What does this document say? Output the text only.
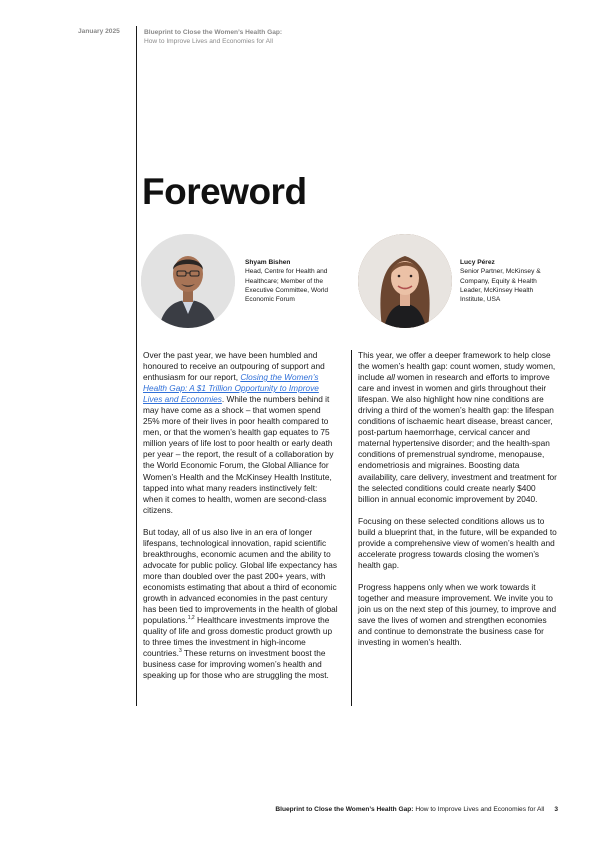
January 2025	Blueprint to Close the Women’s Health Gap:
How to Improve Lives and Economies for All
Foreword
Shyam Bishen
Head, Centre for Health and Healthcare; Member of the Executive Committee, World Economic Forum
Lucy Pérez
Senior Partner, McKinsey & Company, Equity & Health Leader, McKinsey Health Institute, USA

Over the past year, we have been humbled and honoured to receive an outpouring of support and enthusiasm for our report, Closing the Women’s Health Gap: A $1 Trillion Opportunity to Improve Lives and Economies. While the numbers behind it may have come as a shock – that women spend 25% more of their lives in poor health compared to men, or that the women’s health gap equates to 75 million years of life lost to poor health or early death per year – the report, the result of a collaboration by the World Economic Forum, the Global Alliance for Women’s Health and the McKinsey Health Institute, tapped into what many readers instinctively felt: when it comes to health, women are second-class citizens.

But today, all of us also live in an era of longer lifespans, technological innovation, rapid scientific breakthroughs, economic acumen and the ability to advocate for public policy. Global life expectancy has more than doubled over the past 200+ years, with economists estimating that about a third of economic growth in advanced economies in the past century has been tied to improvements in the health of global populations.$^{1,2}$ Healthcare investments improve the quality of life and gross domestic product growth up to three times the investment in high-income countries.$^3$ These returns on investment boost the business case for improving women’s health and speaking up for those who are struggling the most.

This year, we offer a deeper framework to help close the women’s health gap: count women, study women, include all women in research and efforts to improve care and invest in women and girls throughout their lifespan. We also highlight how nine conditions are driving a third of the women’s health gap: the lifespan conditions of ischaemic heart disease, breast cancer, post-partum haemorrhage, cervical cancer and maternal hypertensive disorder; and the health-span conditions of premenstrual syndrome, menopause, endometriosis and migraines. Boosting data availability, care delivery, investment and treatment for the selected conditions could create nearly $400 billion in annual economic improvement by 2040.

Focusing on these selected conditions allows us to build a blueprint that, in the future, will be expanded to provide a comprehensive view of women’s health and accelerate progress towards closing the women’s health gap.

Progress happens only when we work towards it together and measure improvement. We invite you to join us on the next step of this journey, to improve and save the lives of women and strengthen economies and continue to demonstrate the business case for investing in women’s health.

Blueprint to Close the Women’s Health Gap: How to Improve Lives and Economies for All 3
